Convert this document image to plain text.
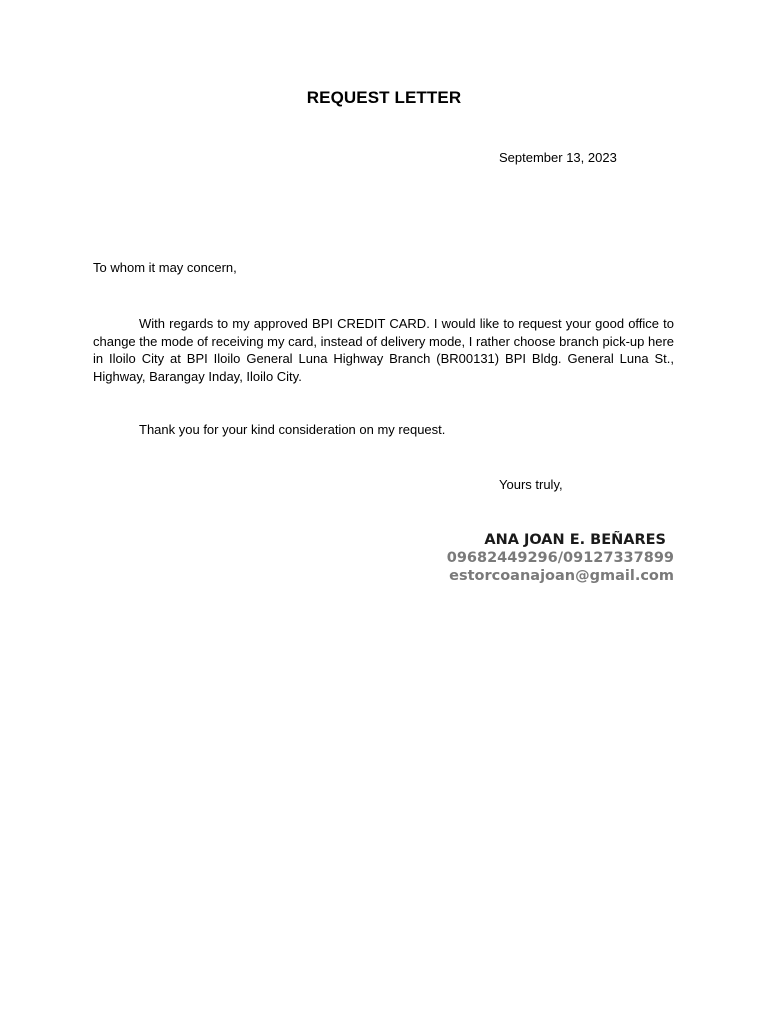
REQUEST LETTER
September 13, 2023
To whom it may concern,

With regards to my approved BPI CREDIT CARD. I would like to request your good office to change the mode of receiving my card, instead of delivery mode, I rather choose branch pick-up here in Iloilo City at BPI Iloilo General Luna Highway Branch (BR00131) BPI Bldg. General Luna St., Highway, Barangay Inday, Iloilo City.

Thank you for your kind consideration on my request.
Yours truly,
ANA JOAN E. BEÑARES
09682449296/09127337899
estorcoanajoan@gmail.com
